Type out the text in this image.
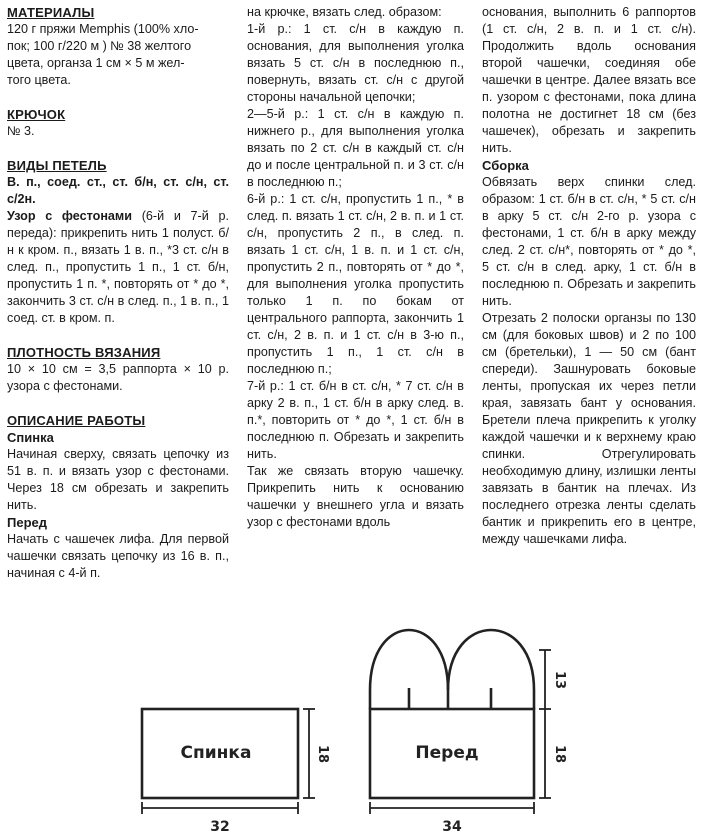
МАТЕРИАЛЫ

120 г пряжи Memphis (100% хло-
пок; 100 г/220 м ) № 38 желтого
цвета, органза 1 см × 5 м жел-
того цвета.

КРЮЧОК

№ 3.

ВИДЫ ПЕТЕЛЬ

В. п., соед. ст., ст. б/н, ст. с/н, ст. с/2н.

Узор с фестонами (6-й и 7-й р. переда): прикрепить нить 1 полуст. б/н к кром. п., вязать 1 в. п., *3 ст. с/н в след. п., пропустить 1 п., 1 ст. б/н, пропустить 1 п. *, повторять от * до *, закончить 3 ст. с/н в след. п., 1 в. п., 1 соед. ст. в кром. п.

ПЛОТНОСТЬ ВЯЗАНИЯ

10 × 10 см = 3,5 раппорта × 10 р. узора с фестонами.

ОПИСАНИЕ РАБОТЫ
Спинка

Начиная сверху, связать цепочку из 51 в. п. и вязать узор с фестонами. Через 18 см обрезать и закрепить нить.

Перед

Начать с чашечек лифа. Для первой чашечки связать цепочку из 16 в. п., начиная с 4-й п.

на крючке, вязать след. образом:

1-й р.: 1 ст. с/н в каждую п. основания, для выполнения уголка вязать 5 ст. с/н в последнюю п., повернуть, вязать ст. с/н с другой стороны начальной цепочки;

2—5-й р.: 1 ст. с/н в каждую п. нижнего р., для выполнения уголка вязать по 2 ст. с/н в каждый ст. с/н до и после центральной п. и 3 ст. с/н в последнюю п.;

6-й р.: 1 ст. с/н, пропустить 1 п., * в след. п. вязать 1 ст. с/н, 2 в. п. и 1 ст. с/н, пропустить 2 п., в след. п. вязать 1 ст. с/н, 1 в. п. и 1 ст. с/н, пропустить 2 п., повторять от * до *, для выполнения уголка пропустить только 1 п. по бокам от центрального раппорта, закончить 1 ст. с/н, 2 в. п. и 1 ст. с/н в 3-ю п., пропустить 1 п., 1 ст. с/н в последнюю п.;

7-й р.: 1 ст. б/н в ст. с/н, * 7 ст. с/н в арку 2 в. п., 1 ст. б/н в арку след. в. п.*, повторить от * до *, 1 ст. б/н в последнюю п. Обрезать и закрепить нить.

Так же связать вторую чашечку. Прикрепить нить к основанию чашечки у внешнего угла и вязать узор с фестонами вдоль

основания, выполнить 6 раппортов (1 ст. с/н, 2 в. п. и 1 ст. с/н). Продолжить вдоль основания второй чашечки, соединяя обе чашечки в центре. Далее вязать все п. узором с фестонами, пока длина полотна не достигнет 18 см (без чашечек), обрезать и закрепить нить.

Сборка

Обвязать верх спинки след. образом: 1 ст. б/н в ст. с/н, * 5 ст. с/н в арку 5 ст. с/н 2-го р. узора с фестонами, 1 ст. б/н в арку между след. 2 ст. с/н*, повторять от * до *, 5 ст. с/н в след. арку, 1 ст. б/н в последнюю п. Обрезать и закрепить нить.

Отрезать 2 полоски органзы по 130 см (для боковых швов) и 2 по 100 см (бретельки), 1 — 50 см (бант спереди). Зашнуровать боковые ленты, пропуская их через петли края, завязать бант у основания. Бретели плеча прикрепить к уголку каждой чашечки и к верхнему краю спинки. Отрегулировать необходимую длину, излишки ленты завязать в бантик на плечах. Из последнего отрезка ленты сделать бантик и прикрепить его в центре, между чашечками лифа.

Спинка	Перед
32	34
18	18
13
